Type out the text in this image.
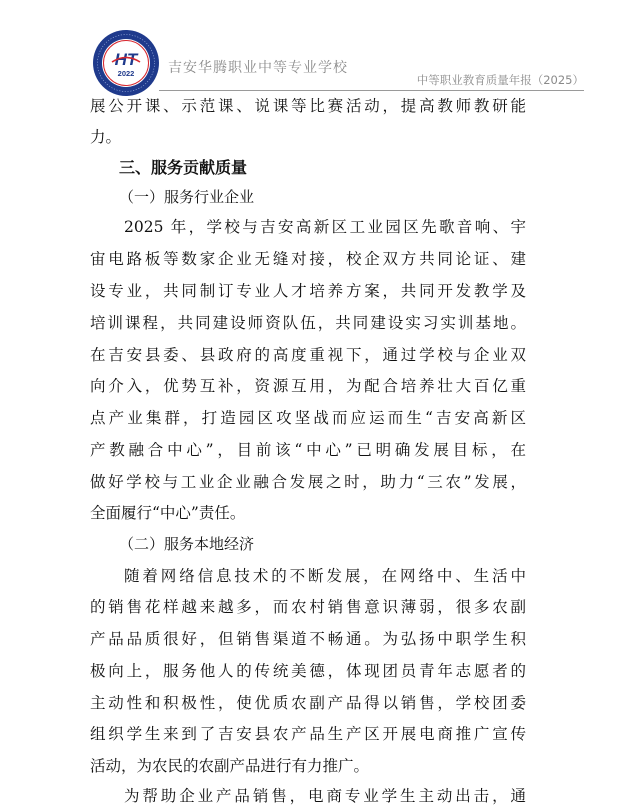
HT
2022 吉安华腾职业中等专业学校
中等职业教育质量年报（2025）
展公开课、示范课、说课等比赛活动，提高教师教研能
力。
三、服务贡献质量
（一）服务行业企业
2025 年，学校与吉安高新区工业园区先歌音响、宇
宙电路板等数家企业无缝对接，校企双方共同论证、建
设专业，共同制订专业人才培养方案，共同开发教学及
培训课程，共同建设师资队伍，共同建设实习实训基地。
在吉安县委、县政府的高度重视下，通过学校与企业双
向介入，优势互补，资源互用，为配合培养壮大百亿重
点产业集群，打造园区攻坚战而应运而生“吉安高新区
产教融合中心”，目前该“中心”已明确发展目标，在
做好学校与工业企业融合发展之时，助力“三农”发展，
全面履行“中心”责任。
（二）服务本地经济
随着网络信息技术的不断发展，在网络中、生活中
的销售花样越来越多，而农村销售意识薄弱，很多农副
产品品质很好，但销售渠道不畅通。为弘扬中职学生积
极向上，服务他人的传统美德，体现团员青年志愿者的
主动性和积极性，使优质农副产品得以销售，学校团委
组织学生来到了吉安县农产品生产区开展电商推广宣传
活动，为农民的农副产品进行有力推广。
为帮助企业产品销售，电商专业学生主动出击，通
